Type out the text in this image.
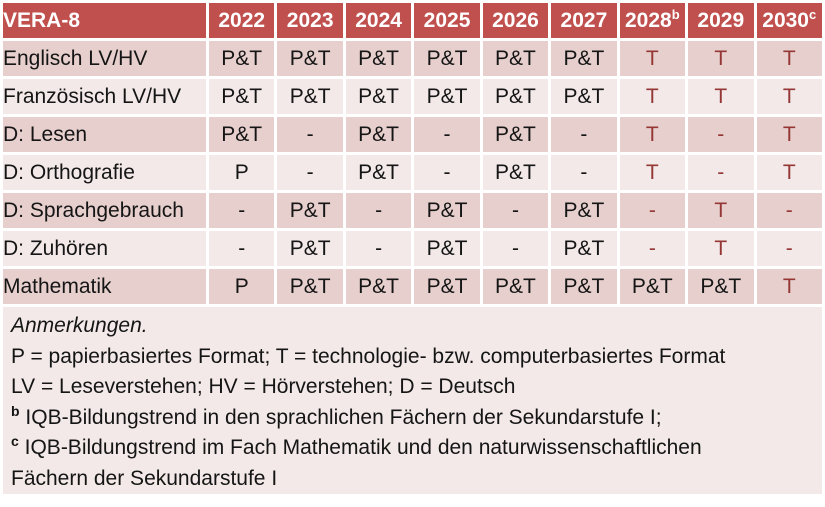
VERA-8	2022	2023	2024	2025	2026	2027	2028$^b$	2029	2030$^c$
Englisch LV/HV	P&T	P&T	P&T	P&T	P&T	P&T	T	T	T
Französisch LV/HV	P&T	P&T	P&T	P&T	P&T	P&T	T	T	T
D: Lesen	P&T	-	P&T	-	P&T	-	T	-	T
D: Orthografie	P	-	P&T	-	P&T	-	T	-	T
D: Sprachgebrauch	-	P&T	-	P&T	-	P&T	-	T	-
D: Zuhören	-	P&T	-	P&T	-	P&T	-	T	-
Mathematik	P	P&T	P&T	P&T	P&T	P&T	P&T	P&T	T
Anmerkungen.
P = papierbasiertes Format; T = technologie- bzw. computerbasiertes Format
LV = Leseverstehen; HV = Hörverstehen; D = Deutsch
$^b$ IQB-Bildungstrend in den sprachlichen Fächern der Sekundarstufe I;
$^c$ IQB-Bildungstrend im Fach Mathematik und den naturwissenschaftlichen
Fächern der Sekundarstufe I
